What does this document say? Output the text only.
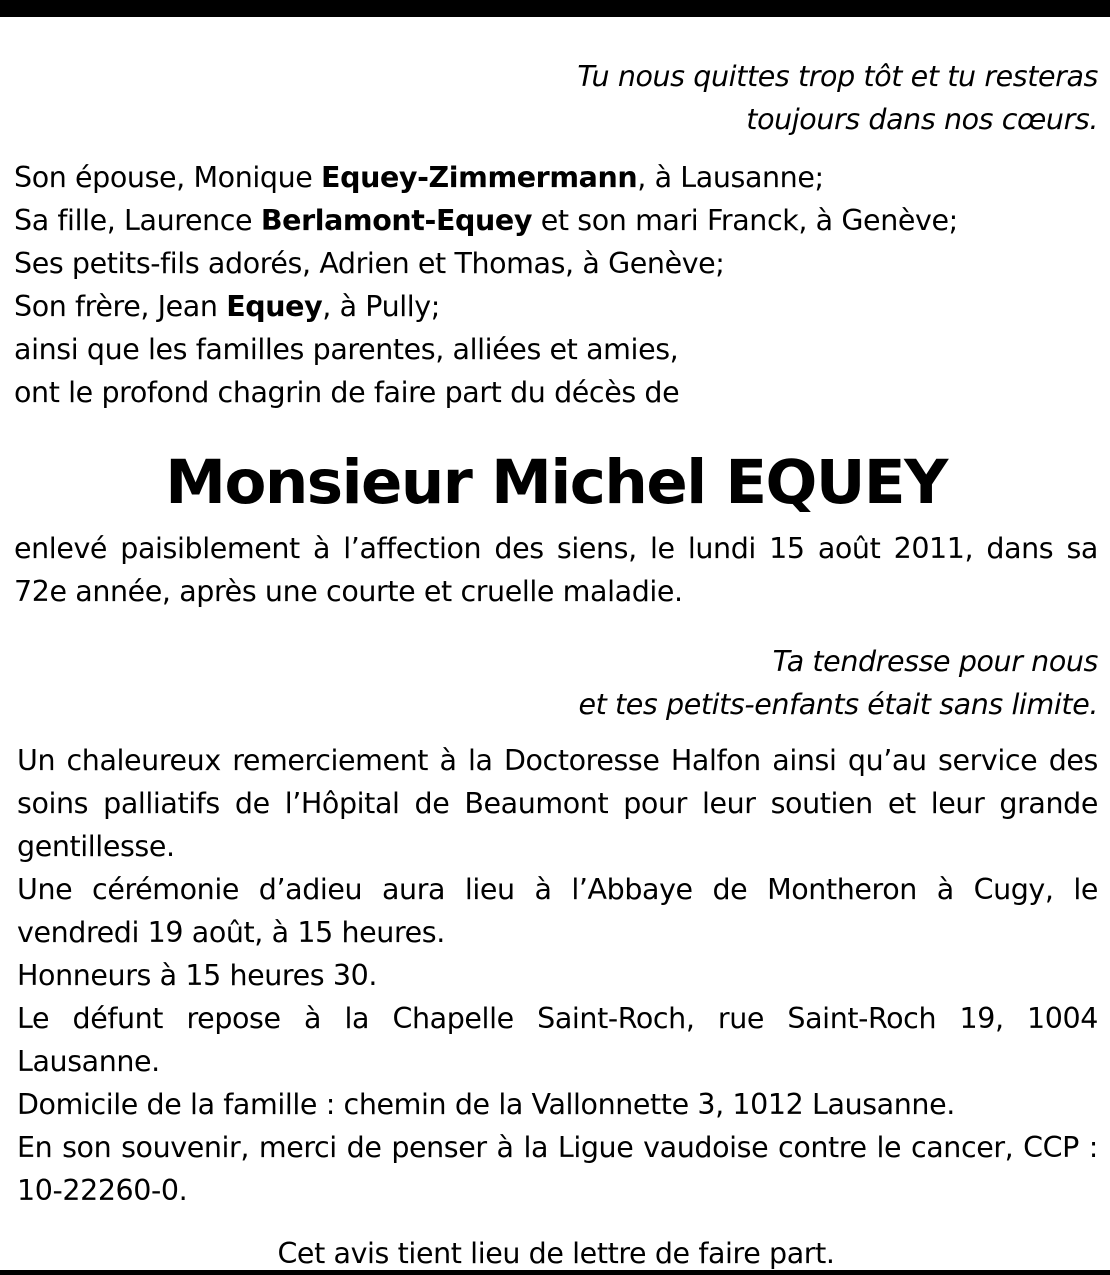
Tu nous quittes trop tôt et tu resteras
toujours dans nos cœurs.
Son épouse, Monique Equey-Zimmermann, à Lausanne;
Sa fille, Laurence Berlamont-Equey et son mari Franck, à Genève;
Ses petits-fils adorés, Adrien et Thomas, à Genève;
Son frère, Jean Equey, à Pully;
ainsi que les familles parentes, alliées et amies,
ont le profond chagrin de faire part du décès de
Monsieur Michel EQUEY

enlevé paisiblement à l’affection des siens, le lundi 15 août 2011, dans sa 72e année, après une courte et cruelle maladie.

Ta tendresse pour nous
et tes petits-enfants était sans limite.

Un chaleureux remerciement à la Doctoresse Halfon ainsi qu’au service des soins palliatifs de l’Hôpital de Beaumont pour leur soutien et leur grande gentillesse.

Une cérémonie d’adieu aura lieu à l’Abbaye de Montheron à Cugy, le vendredi 19 août, à 15 heures.

Honneurs à 15 heures 30.

Le défunt repose à la Chapelle Saint-Roch, rue Saint-Roch 19, 1004 Lausanne.

Domicile de la famille : chemin de la Vallonnette 3, 1012 Lausanne.

En son souvenir, merci de penser à la Ligue vaudoise contre le cancer, CCP : 10-22260-0.

Cet avis tient lieu de lettre de faire part.
